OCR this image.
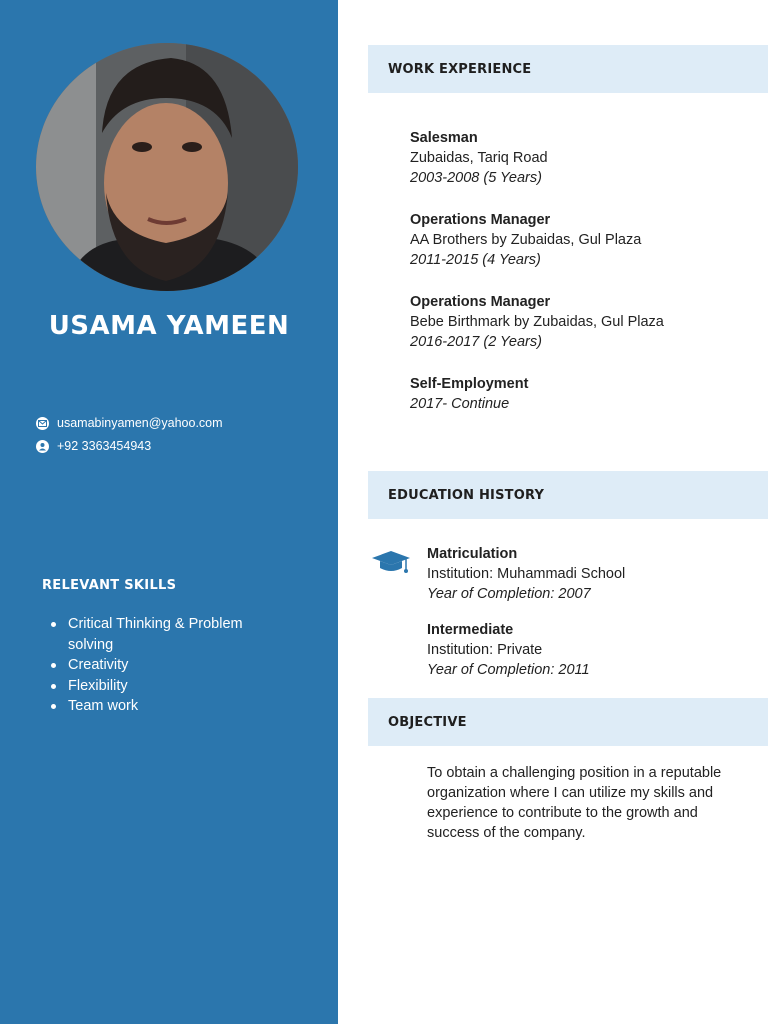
USAMA YAMEEN
usamabinyamen@yahoo.com
+92 3363454943
RELEVANT SKILLS
Critical Thinking & Problem solving
Creativity
Flexibility
Team work
WORK EXPERIENCE
Salesman
Zubaidas, Tariq Road
2003-2008 (5 Years)
Operations Manager
AA Brothers by Zubaidas, Gul Plaza
2011-2015 (4 Years)
Operations Manager
Bebe Birthmark by Zubaidas, Gul Plaza
2016-2017 (2 Years)
Self-Employment
2017- Continue
EDUCATION HISTORY
Matriculation
Institution: Muhammadi School
Year of Completion: 2007
Intermediate
Institution: Private
Year of Completion: 2011
OBJECTIVE
To obtain a challenging position in a reputable organization where I can utilize my skills and experience to contribute to the growth and success of the company.
